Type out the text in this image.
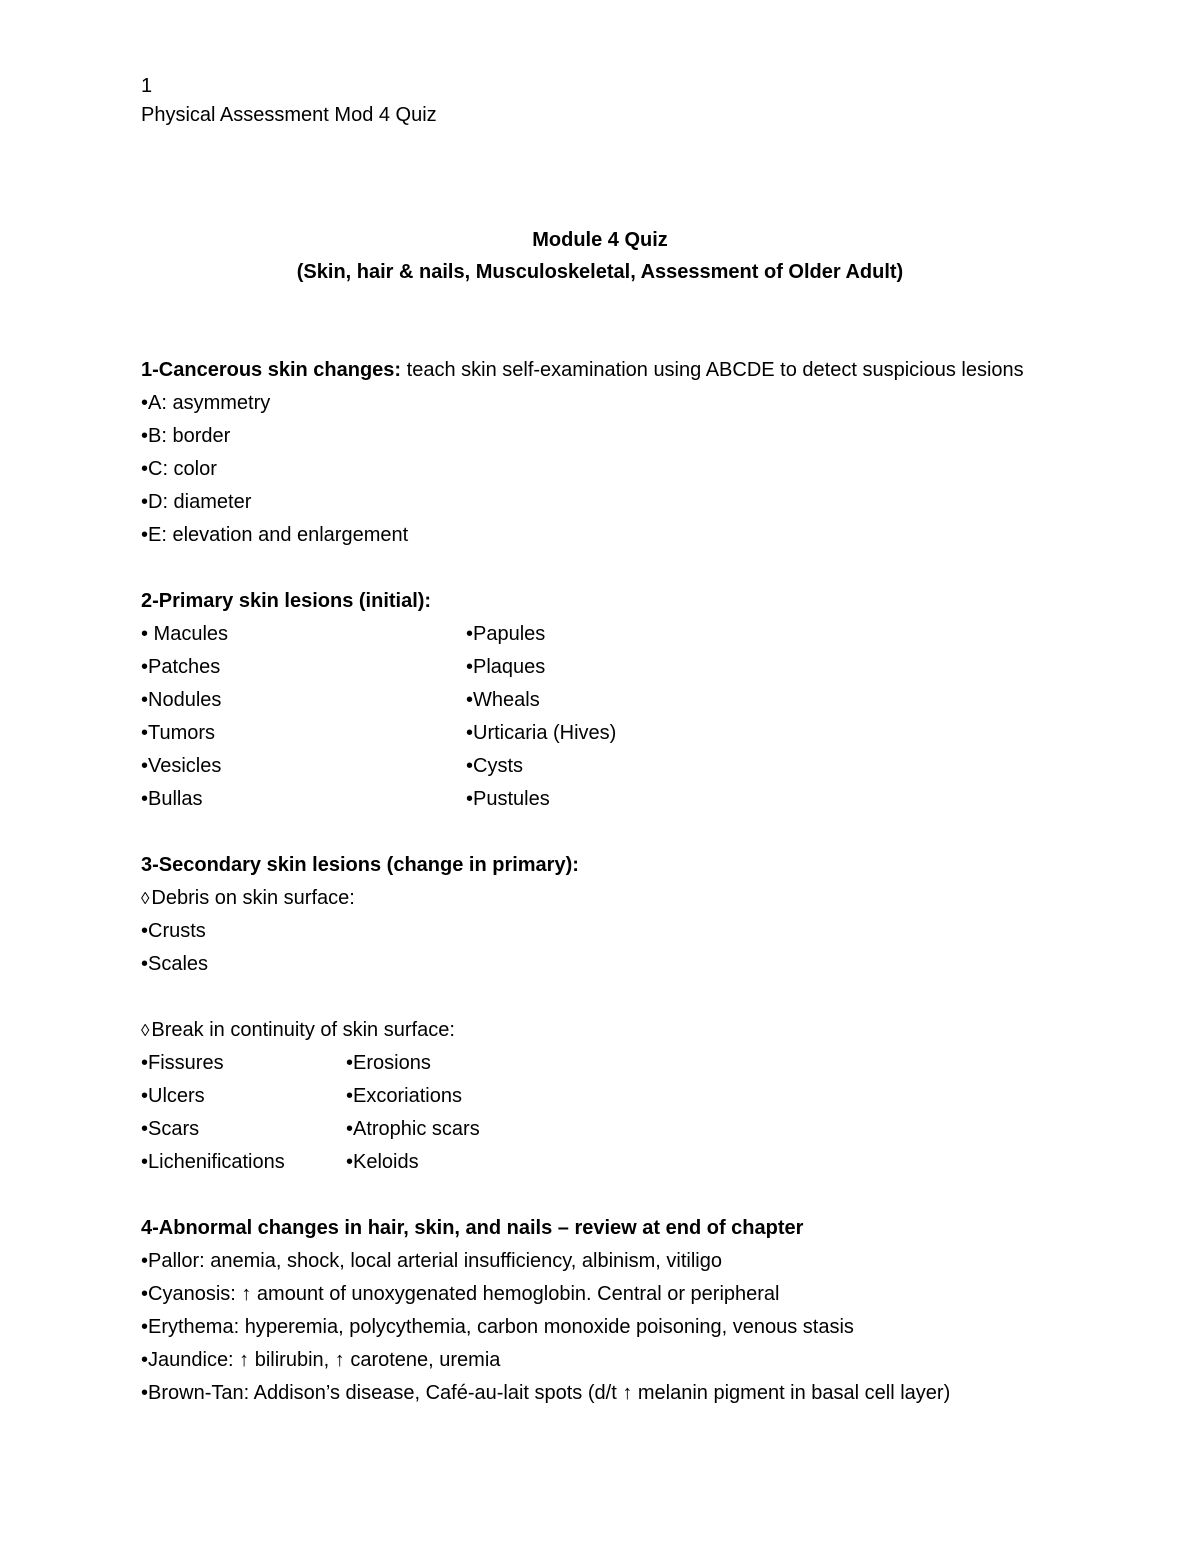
1
Physical Assessment Mod 4 Quiz
Module 4 Quiz
(Skin, hair & nails, Musculoskeletal, Assessment of Older Adult)
1-Cancerous skin changes: teach skin self-examination using ABCDE to detect suspicious lesions
•A: asymmetry
•B: border
•C: color
•D: diameter
•E: elevation and enlargement
2-Primary skin lesions (initial):
• Macules	•Papules
•Patches	•Plaques
•Nodules	•Wheals
•Tumors	•Urticaria (Hives)
•Vesicles	•Cysts
•Bullas	•Pustules
3-Secondary skin lesions (change in primary):
◊ Debris on skin surface:
•Crusts
•Scales
◊ Break in continuity of skin surface:
•Fissures	•Erosions
•Ulcers	•Excoriations
•Scars	•Atrophic scars
•Lichenifications	•Keloids
4-Abnormal changes in hair, skin, and nails – review at end of chapter
•Pallor: anemia, shock, local arterial insufficiency, albinism, vitiligo
•Cyanosis: ↑ amount of unoxygenated hemoglobin. Central or peripheral
•Erythema: hyperemia, polycythemia, carbon monoxide poisoning, venous stasis
•Jaundice: ↑ bilirubin, ↑ carotene, uremia
•Brown-Tan: Addison’s disease, Café-au-lait spots (d/t ↑ melanin pigment in basal cell layer)
